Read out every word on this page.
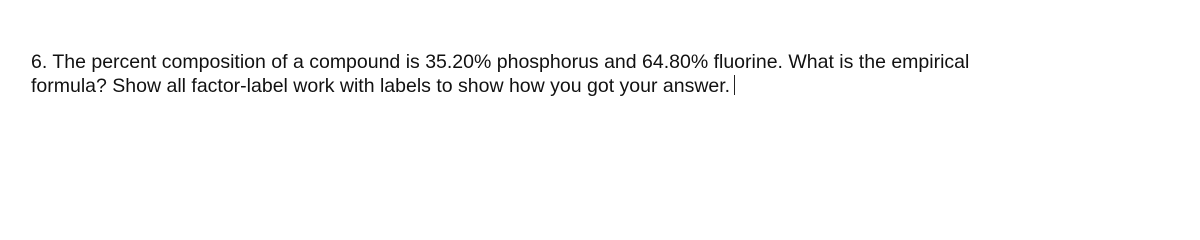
6. The percent composition of a compound is 35.20% phosphorus and 64.80% fluorine. What is the empirical
formula? Show all factor-label work with labels to show how you got your answer.
